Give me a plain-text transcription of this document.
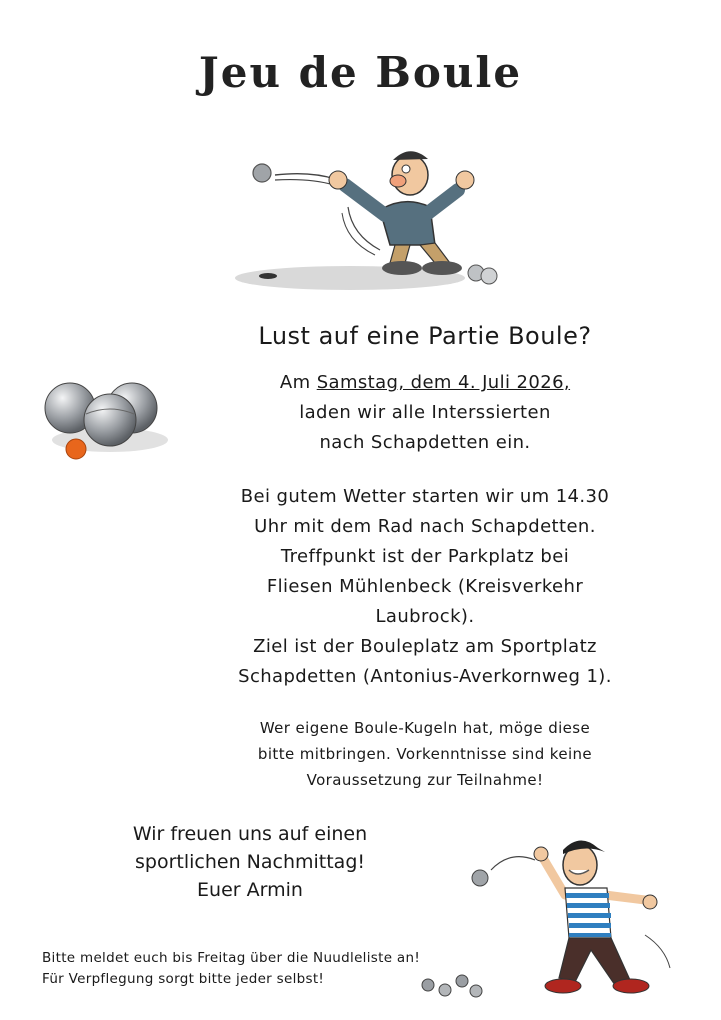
Jeu de Boule
Lust auf eine Partie Boule?
Am Samstag, dem 4. Juli 2026,
laden wir alle Interssierten
nach Schapdetten ein.
Bei gutem Wetter starten wir um 14.30
Uhr mit dem Rad nach Schapdetten.
Treffpunkt ist der Parkplatz bei
Fliesen Mühlenbeck (Kreisverkehr
Laubrock).
Ziel ist der Bouleplatz am Sportplatz
Schapdetten (Antonius-Averkornweg 1).
Wer eigene Boule-Kugeln hat, möge diese
bitte mitbringen. Vorkenntnisse sind keine
Voraussetzung zur Teilnahme!
Wir freuen uns auf einen
sportlichen Nachmittag!
Euer Armin
Bitte meldet euch bis Freitag über die Nuudleliste an!
Für Verpflegung sorgt bitte jeder selbst!
